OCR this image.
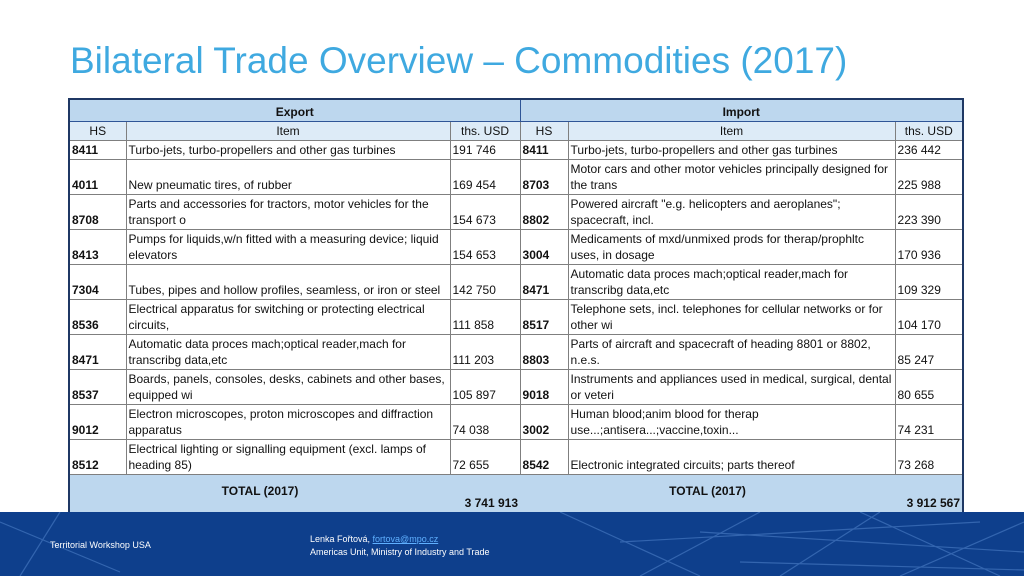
Bilateral Trade Overview – Commodities (2017)
Export			Import		
HS	Item	ths. USD	HS	Item	ths. USD
8411	Turbo-jets, turbo-propellers and other gas turbines	191 746	8411	Turbo-jets, turbo-propellers and other gas turbines	236 442
4011	New pneumatic tires, of rubber	169 454	8703	Motor cars and other motor vehicles principally designed for the trans	225 988
8708	Parts and accessories for tractors, motor vehicles for the transport o	154 673	8802	Powered aircraft "e.g. helicopters and aeroplanes"; spacecraft, incl.	223 390
8413	Pumps for liquids,w/n fitted with a measuring device; liquid elevators	154 653	3004	Medicaments of mxd/unmixed prods for therap/prophltc uses, in dosage	170 936
7304	Tubes, pipes and hollow profiles, seamless, or iron or steel	142 750	8471	Automatic data proces mach;optical reader,mach for transcribg data,etc	109 329
8536	Electrical apparatus for switching or protecting electrical circuits,	111 858	8517	Telephone sets, incl. telephones for cellular networks or for other wi	104 170
8471	Automatic data proces mach;optical reader,mach for transcribg data,etc	111 203	8803	Parts of aircraft and spacecraft of heading 8801 or 8802, n.e.s.	85 247
8537	Boards, panels, consoles, desks, cabinets and other bases, equipped wi	105 897	9018	Instruments and appliances used in medical, surgical, dental or veteri	80 655
9012	Electron microscopes, proton microscopes and diffraction apparatus	74 038	3002	Human blood;anim blood for therap use...;antisera...;vaccine,toxin...	74 231
8512	Electrical lighting or signalling equipment (excl. lamps of heading 85)	72 655	8542	Electronic integrated circuits; parts thereof	73 268
TOTAL (2017)		3 741 913	TOTAL (2017)		3 912 567
Territorial Workshop USA
Lenka Fořtová, fortova@mpo.cz
Americas Unit, Ministry of Industry and Trade
